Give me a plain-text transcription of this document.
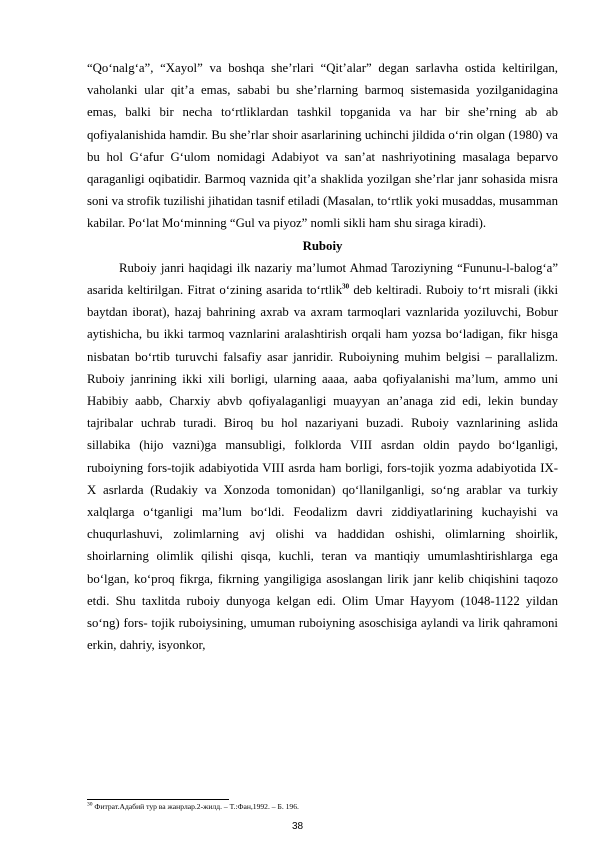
“Qo‘nalg‘a”, “Xayol” va boshqa she’rlari “Qit’alar” degan sarlavha ostida keltirilgan, vaholanki ular qit’a emas, sababi bu she’rlarning barmoq sistemasida yozilganidagina emas, balki bir necha to‘rtliklardan tashkil topganida va har bir she’rning ab ab qofiyalanishida hamdir. Bu she’rlar shoir asarlarining uchinchi jildida o‘rin olgan (1980) va bu hol G‘afur G‘ulom nomidagi Adabiyot va san’at nashriyotining masalaga beparvo qaraganligi oqibatidir. Barmoq vaznida qit’a shaklida yozilgan she’rlar janr sohasida misra soni va strofik tuzilishi jihatidan tasnif etiladi (Masalan, to‘rtlik yoki musaddas, musamman kabilar. Po‘lat Mo‘minning “Gul va piyoz” nomli sikli ham shu siraga kiradi).

Ruboiy

Ruboiy janri haqidagi ilk nazariy ma’lumot Ahmad Taroziyning “Fununu-l-balog‘a” asarida keltirilgan. Fitrat o‘zining asarida to‘rtlik$^{30}$ deb keltiradi. Ruboiy to‘rt misrali (ikki baytdan iborat), hazaj bahrining axrab va axram tarmoqlari vaznlarida yoziluvchi, Bobur aytishicha, bu ikki tarmoq vaznlarini aralashtirish orqali ham yozsa bo‘ladigan, fikr hisga nisbatan bo‘rtib turuvchi falsafiy asar janridir. Ruboiyning muhim belgisi – parallalizm. Ruboiy janrining ikki xili borligi, ularning aaaa, aaba qofiyalanishi ma’lum, ammo uni Habibiy aabb, Charxiy abvb qofiyalaganligi muayyan an’anaga zid edi, lekin bunday tajribalar uchrab turadi. Biroq bu hol nazariyani buzadi. Ruboiy vaznlarining aslida sillabika (hijo vazni)ga mansubligi, folklorda VIII asrdan oldin paydo bo‘lganligi, ruboiyning fors-tojik adabiyotida VIII asrda ham borligi, fors-tojik yozma adabiyotida IX-X asrlarda (Rudakiy va Xonzoda tomonidan) qo‘llanilganligi, so‘ng arablar va turkiy xalqlarga o‘tganligi ma’lum bo‘ldi. Feodalizm davri ziddiyatlarining kuchayishi va chuqurlashuvi, zolimlarning avj olishi va haddidan oshishi, olimlarning shoirlik, shoirlarning olimlik qilishi qisqa, kuchli, teran va mantiqiy umumlashtirishlarga ega bo‘lgan, ko‘proq fikrga, fikrning yangiligiga asoslangan lirik janr kelib chiqishini taqozo etdi. Shu taxlitda ruboiy dunyoga kelgan edi. Olim Umar Hayyom (1048-1122 yildan so‘ng) fors- tojik ruboiysining, umuman ruboiyning asoschisiga aylandi va lirik qahramoni erkin, dahriy, isyonkor,

$^{30}$ Фитрат.Адабий тур ва жанрлар.2-жилд. – Т.:Фан,1992. – Б. 196.
38
